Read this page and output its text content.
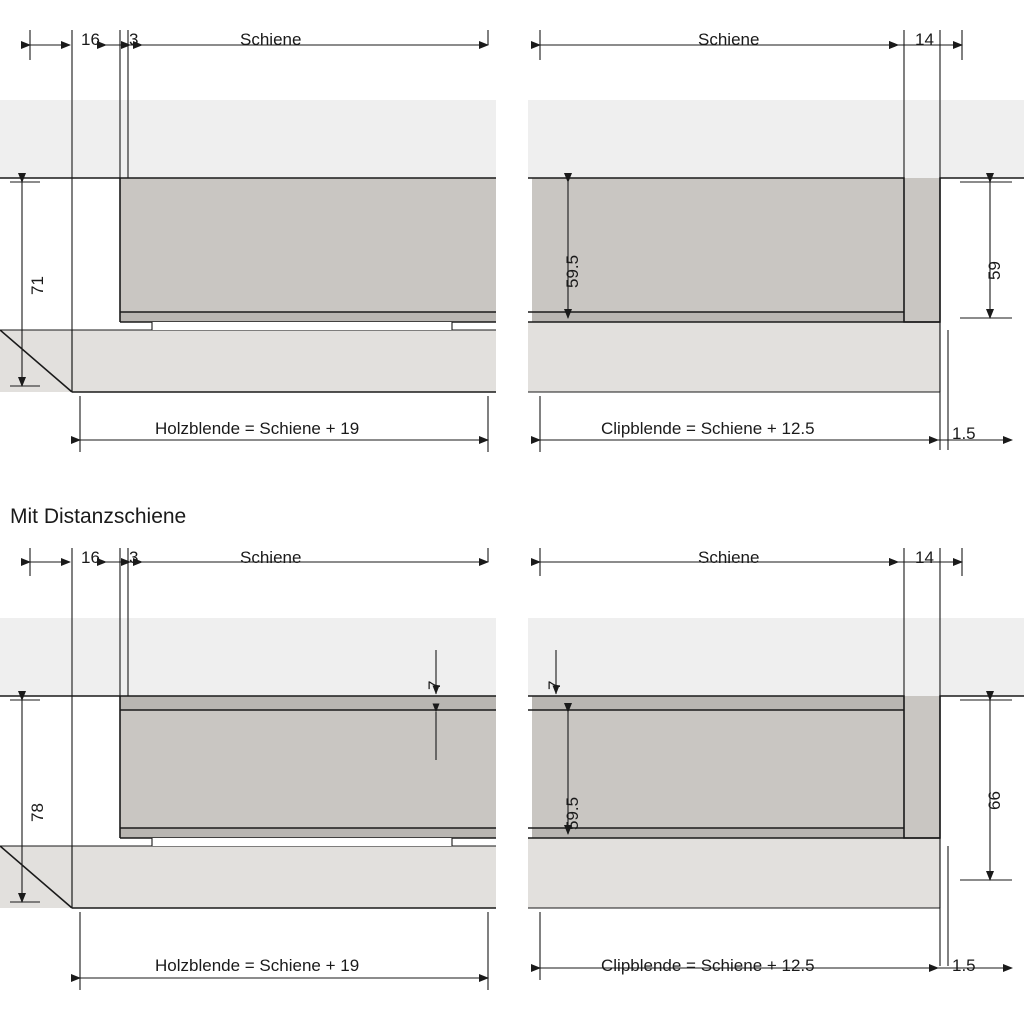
16 3	Schiene
71
Holzblende = Schiene + 19
Schiene	14
59.5	59
Clipblende = Schiene + 12.5	1.5
Mit Distanzschiene
16 3	Schiene
78
7
Holzblende = Schiene + 19
Schiene	14
7
59.5	66
Clipblende = Schiene + 12.5	1.5
